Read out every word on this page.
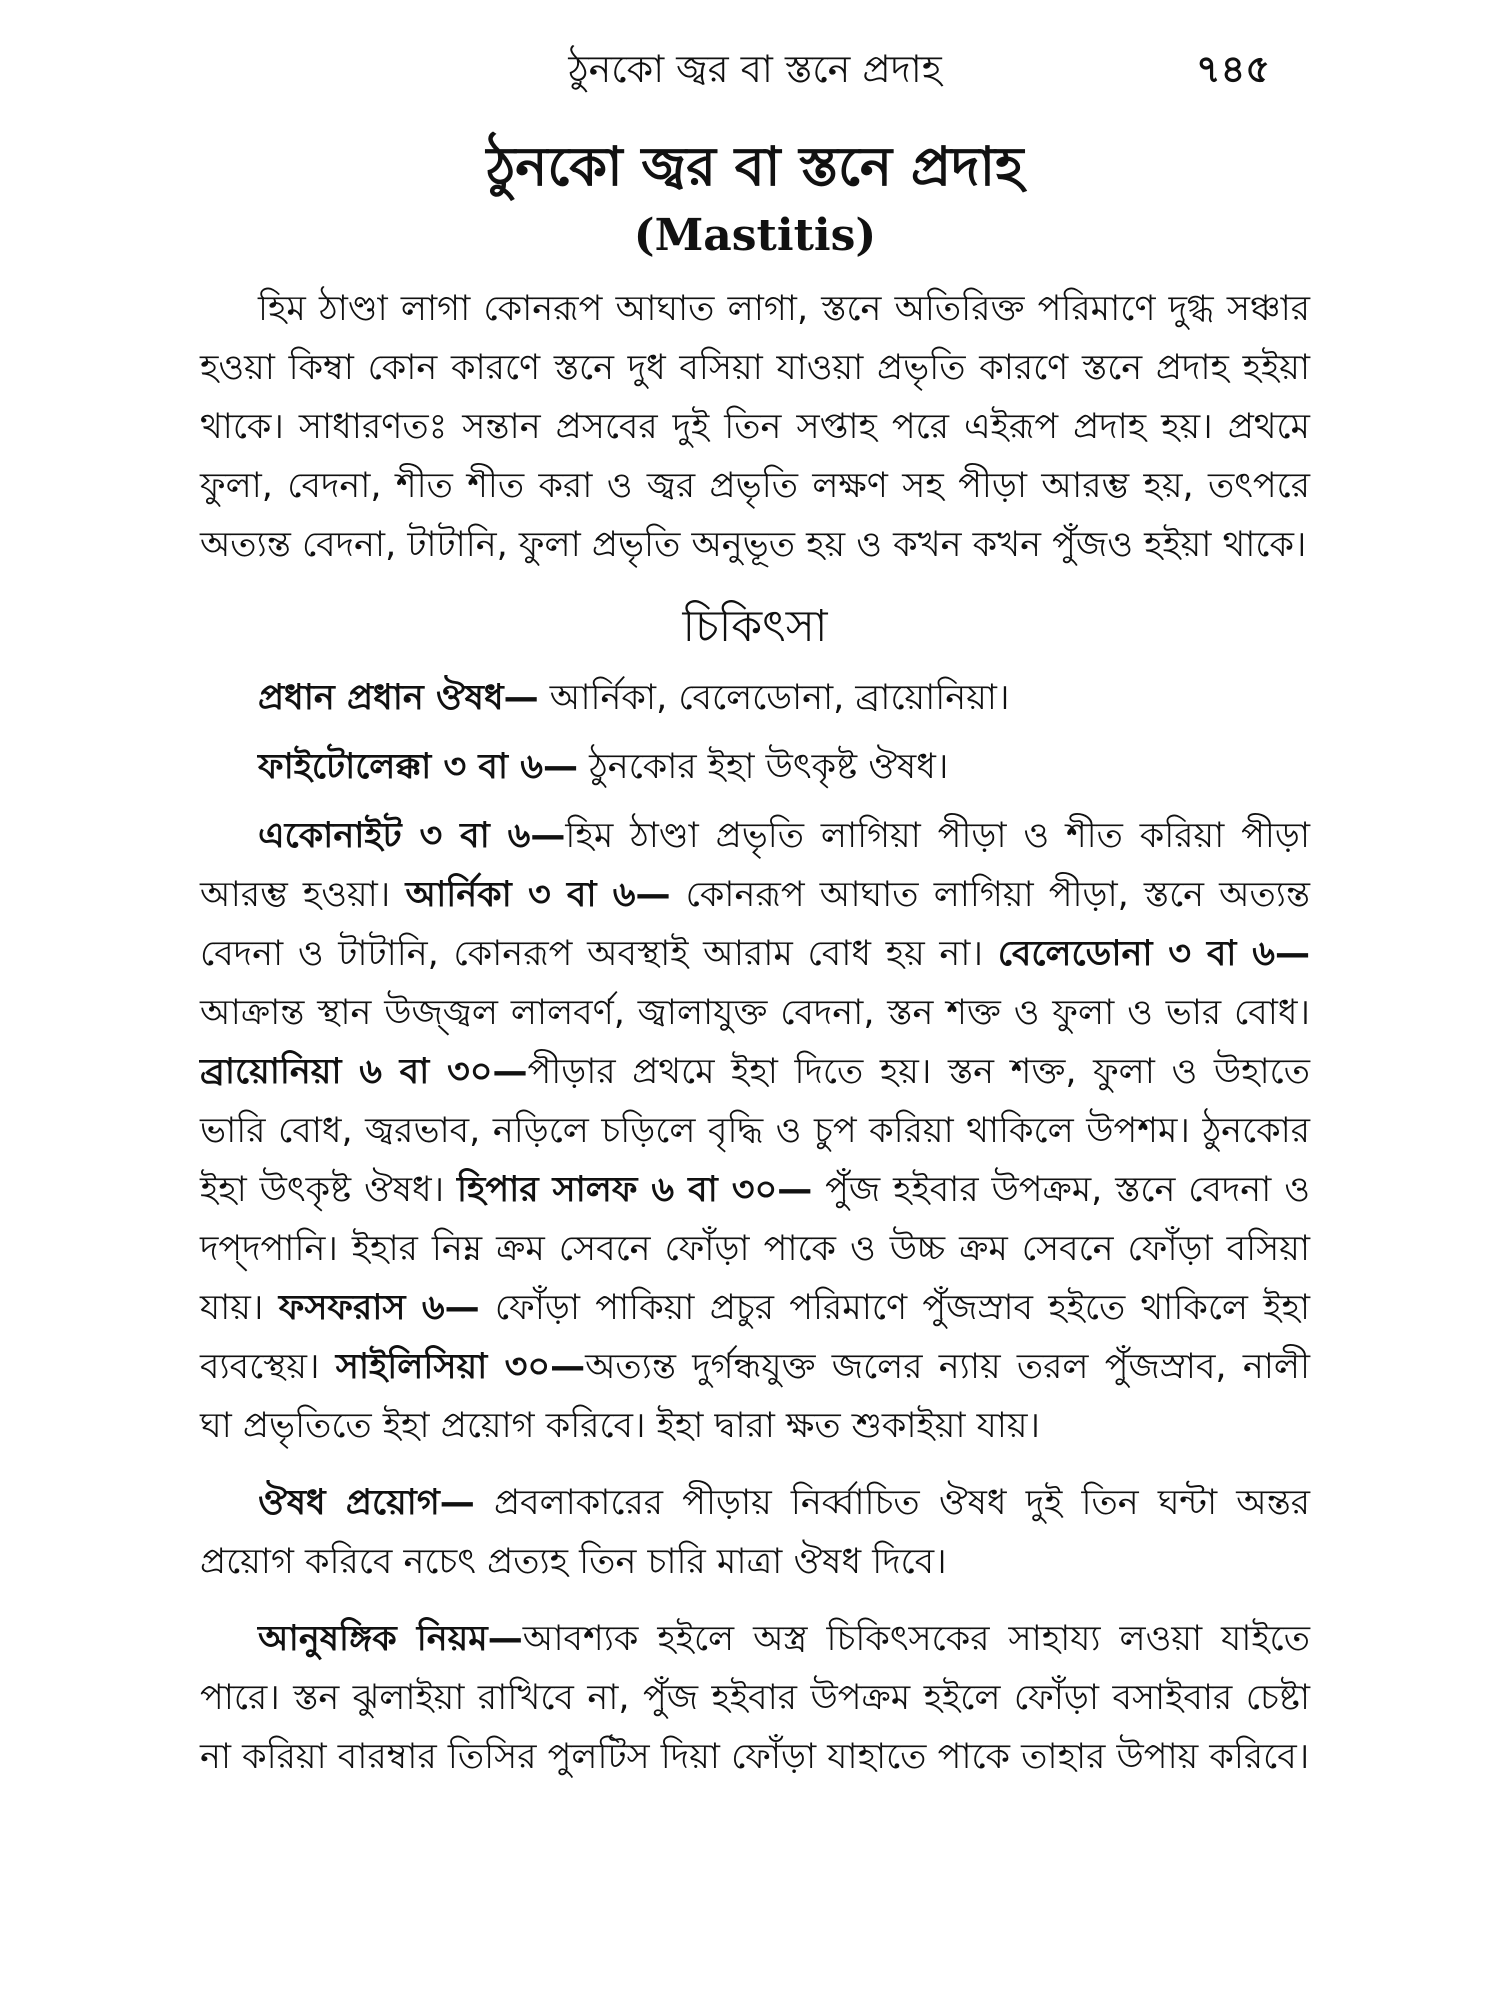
ঠুনকো জ্বর বা স্তনে প্রদাহ	৭৪৫
ঠুনকো জ্বর বা স্তনে প্রদাহ
(Mastitis)

হিম ঠাণ্ডা লাগা কোনরূপ আঘাত লাগা, স্তনে অতিরিক্ত পরিমাণে দুগ্ধ সঞ্চার হওয়া কিম্বা কোন কারণে স্তনে দুধ বসিয়া যাওয়া প্রভৃতি কারণে স্তনে প্রদাহ হইয়া থাকে। সাধারণতঃ সন্তান প্রসবের দুই তিন সপ্তাহ পরে এইরূপ প্রদাহ হয়। প্রথমে ফুলা, বেদনা, শীত শীত করা ও জ্বর প্রভৃতি লক্ষণ সহ পীড়া আরম্ভ হয়, তৎপরে অত্যন্ত বেদনা, টাটানি, ফুলা প্রভৃতি অনুভূত হয় ও কখন কখন পুঁজও হইয়া থাকে।

চিকিৎসা

প্রধান প্রধান ঔষধ— আর্নিকা, বেলেডোনা, ব্রায়োনিয়া।

ফাইটোলেক্কা ৩ বা ৬— ঠুনকোর ইহা উৎকৃষ্ট ঔষধ।

একোনাইট ৩ বা ৬—হিম ঠাণ্ডা প্রভৃতি লাগিয়া পীড়া ও শীত করিয়া পীড়া আরম্ভ হওয়া। আর্নিকা ৩ বা ৬— কোনরূপ আঘাত লাগিয়া পীড়া, স্তনে অত্যন্ত বেদনা ও টাটানি, কোনরূপ অবস্থাই আরাম বোধ হয় না। বেলেডোনা ৩ বা ৬—আক্রান্ত স্থান উজ্জ্বল লালবর্ণ, জ্বালাযুক্ত বেদনা, স্তন শক্ত ও ফুলা ও ভার বোধ। ব্রায়োনিয়া ৬ বা ৩০—পীড়ার প্রথমে ইহা দিতে হয়। স্তন শক্ত, ফুলা ও উহাতে ভারি বোধ, জ্বরভাব, নড়িলে চড়িলে বৃদ্ধি ও চুপ করিয়া থাকিলে উপশম। ঠুনকোর ইহা উৎকৃষ্ট ঔষধ। হিপার সালফ ৬ বা ৩০— পুঁজ হইবার উপক্রম, স্তনে বেদনা ও দপ্‌দপানি। ইহার নিম্ন ক্রম সেবনে ফোঁড়া পাকে ও উচ্চ ক্রম সেবনে ফোঁড়া বসিয়া যায়। ফসফরাস ৬— ফোঁড়া পাকিয়া প্রচুর পরিমাণে পুঁজস্রাব হইতে থাকিলে ইহা ব্যবস্থেয়। সাইলিসিয়া ৩০—অত্যন্ত দুর্গন্ধযুক্ত জলের ন্যায় তরল পুঁজস্রাব, নালী ঘা প্রভৃতিতে ইহা প্রয়োগ করিবে। ইহা দ্বারা ক্ষত শুকাইয়া যায়।

ঔষধ প্রয়োগ— প্রবলাকারের পীড়ায় নির্ব্বাচিত ঔষধ দুই তিন ঘন্টা অন্তর প্রয়োগ করিবে নচেৎ প্রত্যহ তিন চারি মাত্রা ঔষধ দিবে।

আনুষঙ্গিক নিয়ম—আবশ্যক হইলে অস্ত্র চিকিৎসকের সাহায্য লওয়া যাইতে পারে। স্তন ঝুলাইয়া রাখিবে না, পুঁজ হইবার উপক্রম হইলে ফোঁড়া বসাইবার চেষ্টা না করিয়া বারম্বার তিসির পুলটিস দিয়া ফোঁড়া যাহাতে পাকে তাহার উপায় করিবে।
